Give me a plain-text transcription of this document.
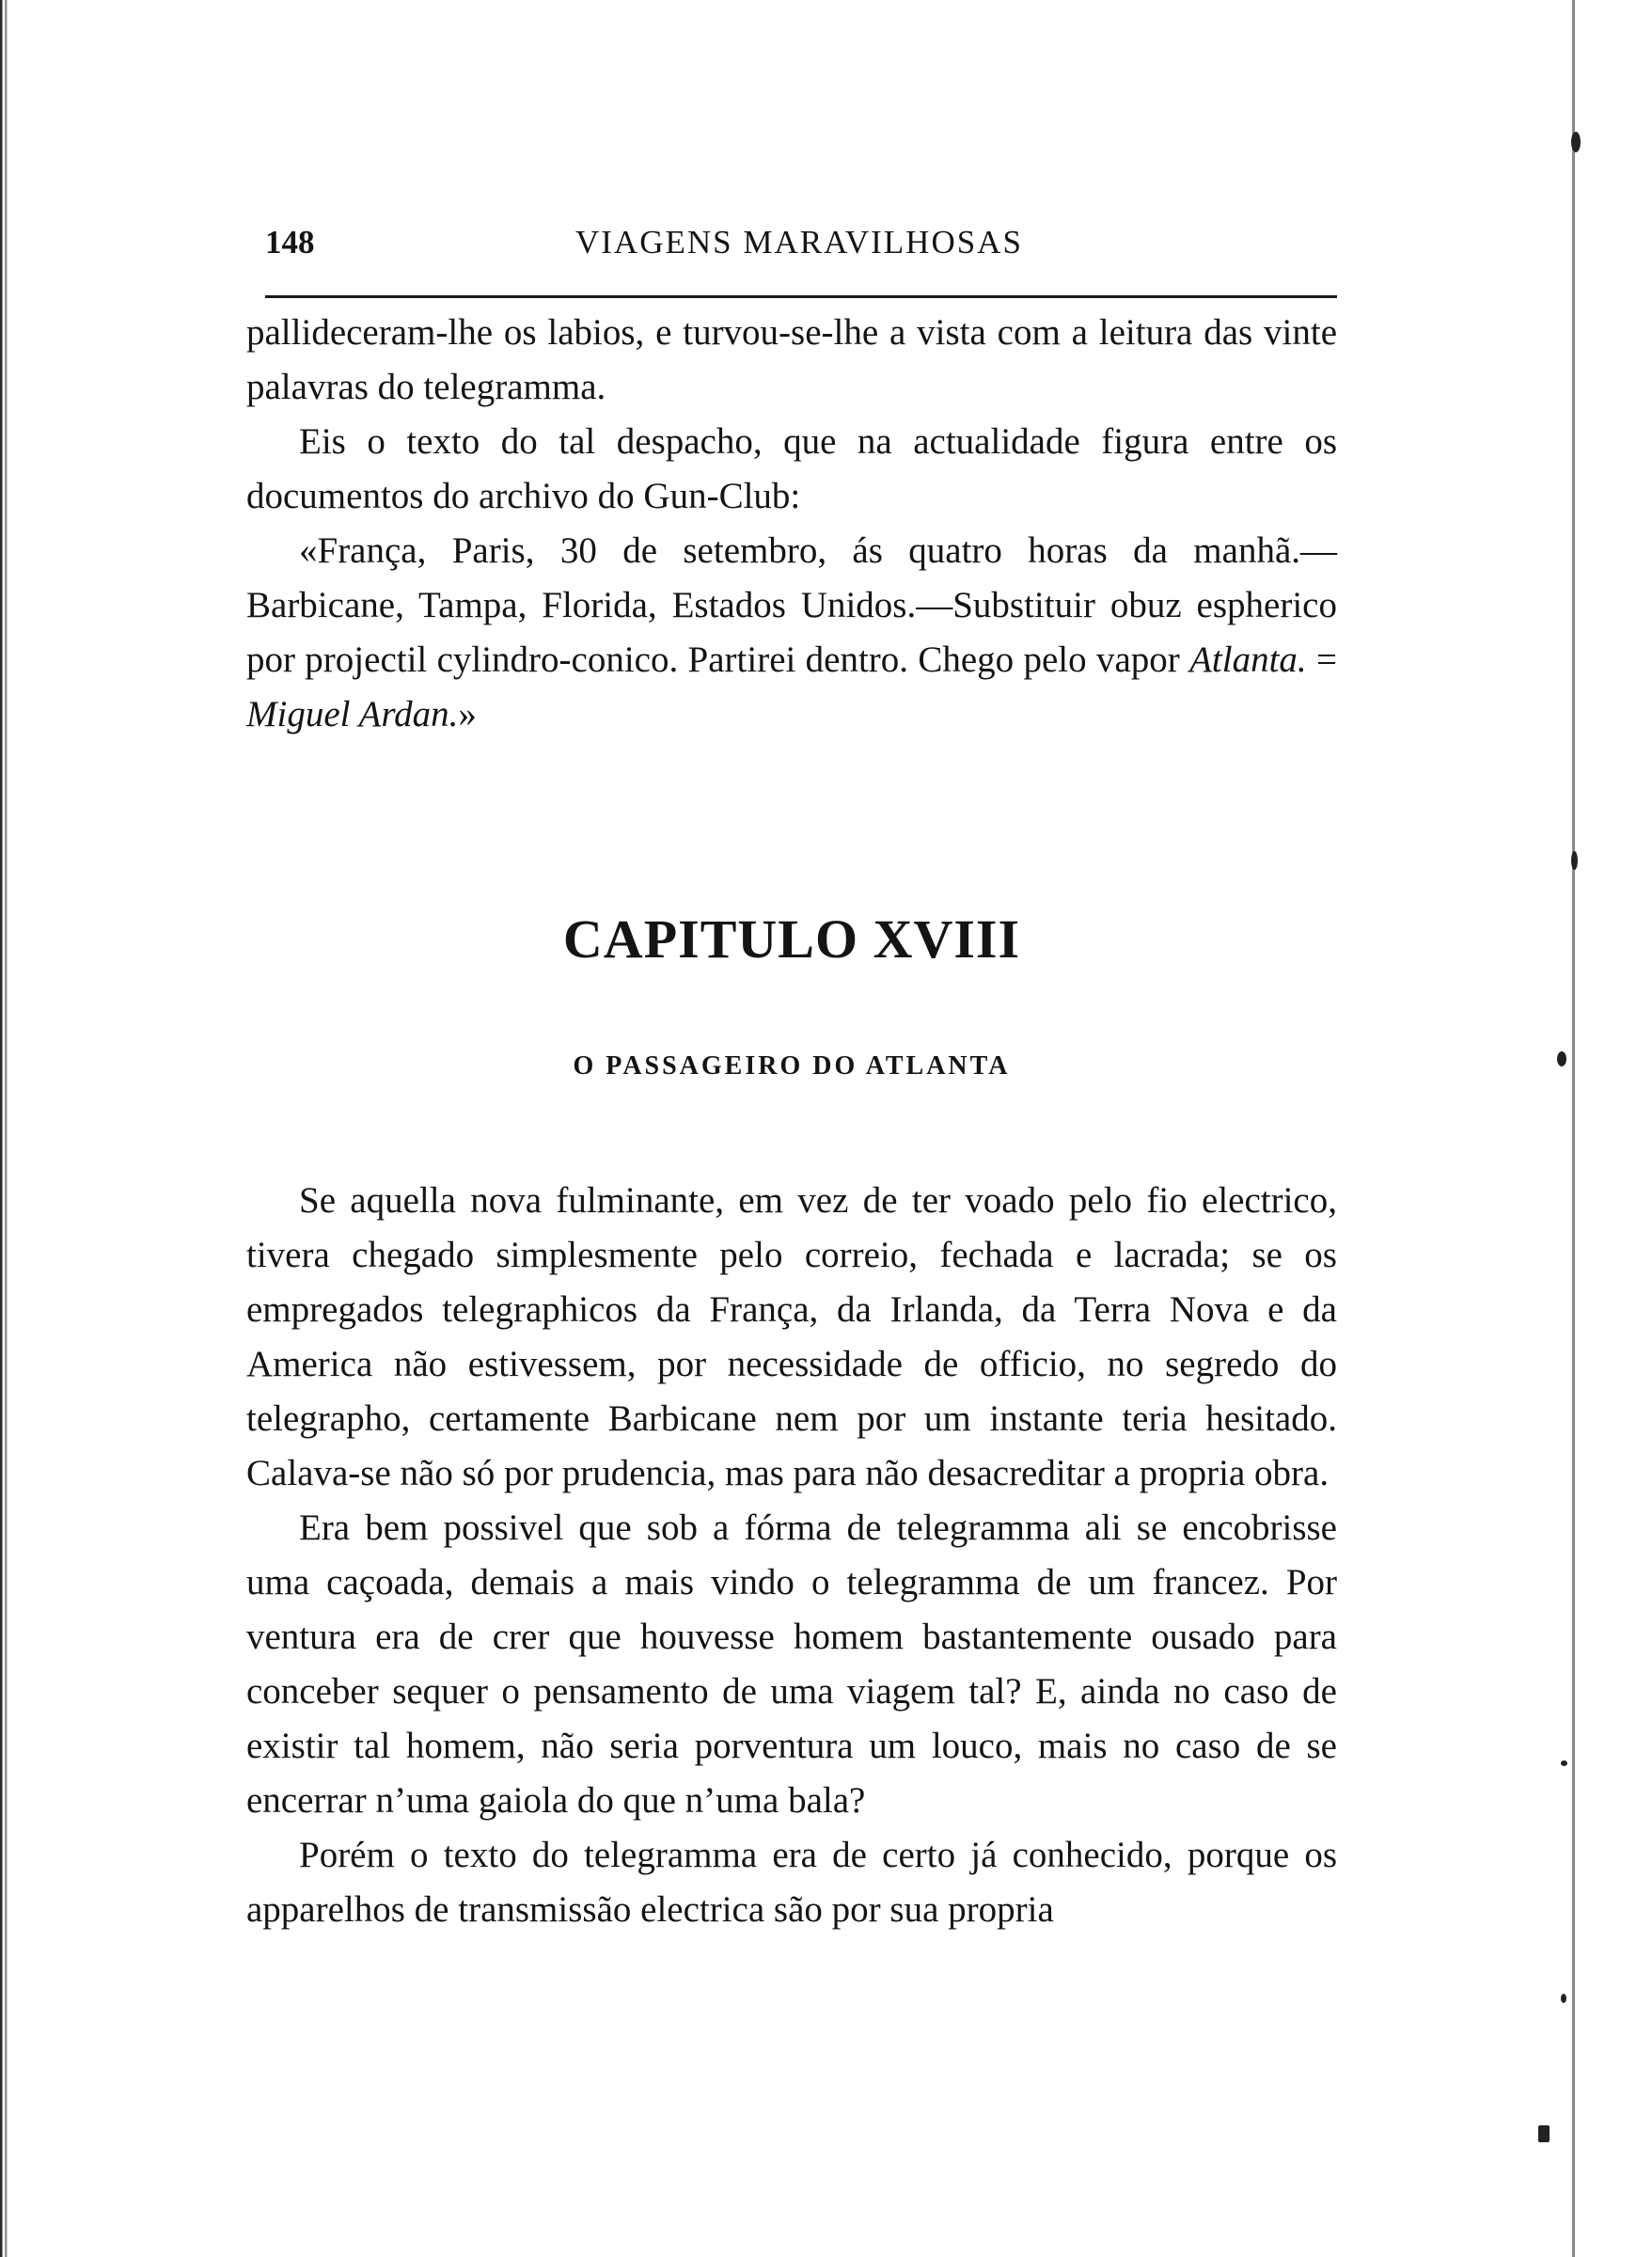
148	VIAGENS MARAVILHOSAS

pallideceram-lhe os labios, e turvou-se-lhe a vista com a leitura das vinte palavras do telegramma.

Eis o texto do tal despacho, que na actualidade figura entre os documentos do archivo do Gun-Club:

«França, Paris, 30 de setembro, ás quatro horas da manhã.—Barbicane, Tampa, Florida, Estados Unidos.—Substituir obuz espherico por projectil cylindro-conico. Partirei dentro. Chego pelo vapor Atlanta. = Miguel Ardan.»

CAPITULO XVIII
O PASSAGEIRO DO ATLANTA

Se aquella nova fulminante, em vez de ter voado pelo fio electrico, tivera chegado simplesmente pelo correio, fechada e lacrada; se os empregados telegraphicos da França, da Irlanda, da Terra Nova e da America não estivessem, por necessidade de officio, no segredo do telegrapho, certamente Barbicane nem por um instante teria hesitado. Calava-se não só por prudencia, mas para não desacreditar a propria obra.

Era bem possivel que sob a fórma de telegramma ali se encobrisse uma caçoada, demais a mais vindo o telegramma de um francez. Por ventura era de crer que houvesse homem bastantemente ousado para conceber sequer o pensamento de uma viagem tal? E, ainda no caso de existir tal homem, não seria porventura um louco, mais no caso de se encerrar n’uma gaiola do que n’uma bala?

Porém o texto do telegramma era de certo já conhecido, porque os apparelhos de transmissão electrica são por sua propria
